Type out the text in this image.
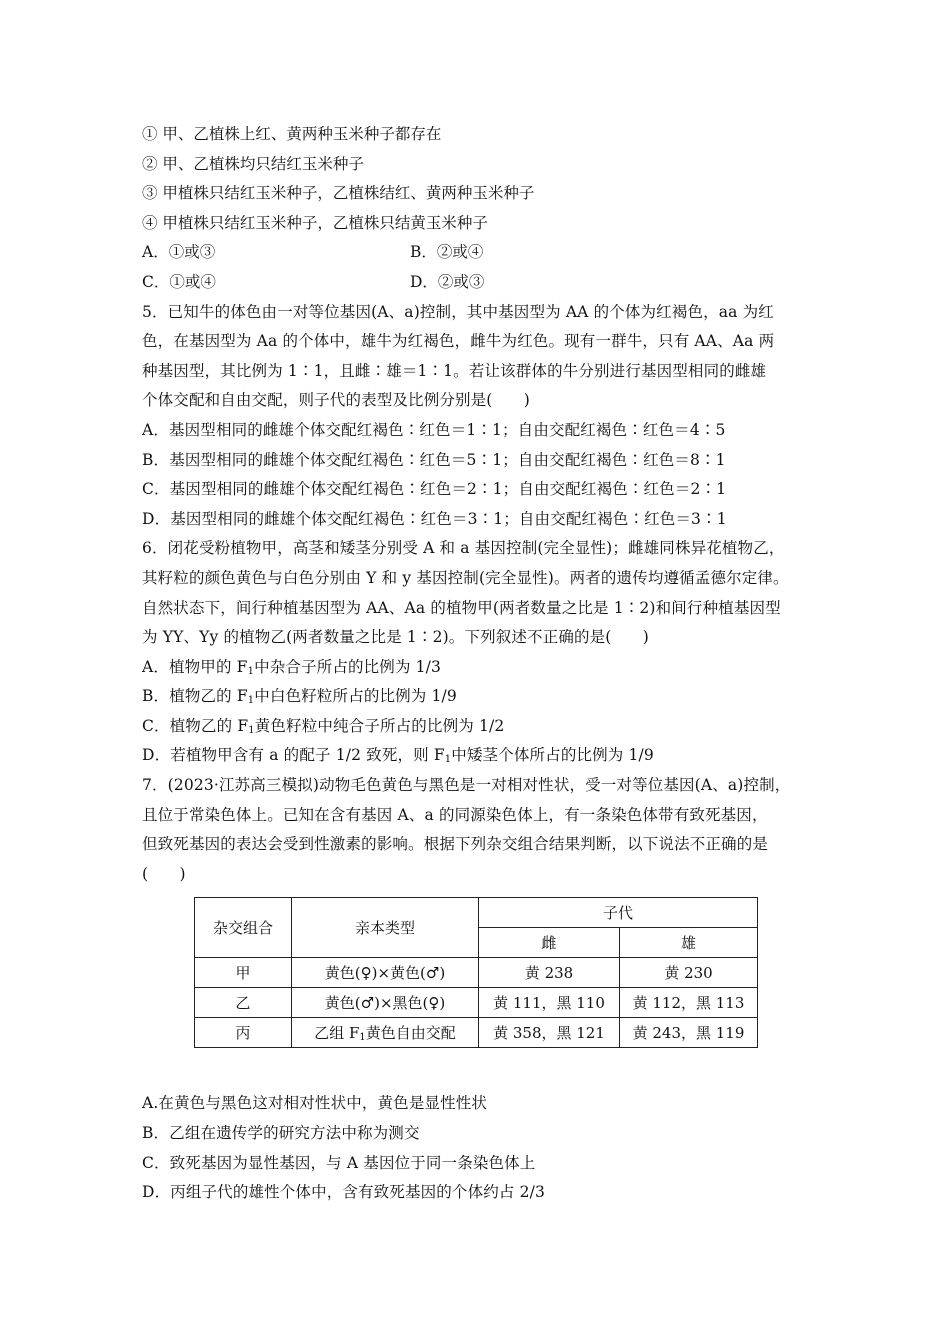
① 甲、乙植株上红、黄两种玉米种子都存在
② 甲、乙植株均只结红玉米种子
③ 甲植株只结红玉米种子，乙植株结红、黄两种玉米种子
④ 甲植株只结红玉米种子，乙植株只结黄玉米种子
A．①或③	B．②或④
C．①或④	D．②或③
5．已知牛的体色由一对等位基因(A、a)控制，其中基因型为 AA 的个体为红褐色，aa 为红
色，在基因型为 Aa 的个体中，雄牛为红褐色，雌牛为红色。现有一群牛，只有 AA、Aa 两
种基因型，其比例为 1∶1，且雌∶雄＝1∶1。若让该群体的牛分别进行基因型相同的雌雄
个体交配和自由交配，则子代的表型及比例分别是(　　)
A．基因型相同的雌雄个体交配红褐色∶红色＝1∶1；自由交配红褐色∶红色＝4∶5
B．基因型相同的雌雄个体交配红褐色∶红色＝5∶1；自由交配红褐色∶红色＝8∶1
C．基因型相同的雌雄个体交配红褐色∶红色＝2∶1；自由交配红褐色∶红色＝2∶1
D．基因型相同的雌雄个体交配红褐色∶红色＝3∶1；自由交配红褐色∶红色＝3∶1
6．闭花受粉植物甲，高茎和矮茎分别受 A 和 a 基因控制(完全显性)；雌雄同株异花植物乙，
其籽粒的颜色黄色与白色分别由 Y 和 y 基因控制(完全显性)。两者的遗传均遵循孟德尔定律。
自然状态下，间行种植基因型为 AA、Aa 的植物甲(两者数量之比是 1∶2)和间行种植基因型
为 YY、Yy 的植物乙(两者数量之比是 1∶2)。下列叙述不正确的是(　　)
A．植物甲的 $F_1$中杂合子所占的比例为 1/3
B．植物乙的 $F_1$中白色籽粒所占的比例为 1/9
C．植物乙的 $F_1$黄色籽粒中纯合子所占的比例为 1/2
D．若植物甲含有 a 的配子 1/2 致死，则 $F_1$中矮茎个体所占的比例为 1/9
7．(2023·江苏高三模拟)动物毛色黄色与黑色是一对相对性状，受一对等位基因(A、a)控制，
且位于常染色体上。已知在含有基因 A、a 的同源染色体上，有一条染色体带有致死基因，
但致死基因的表达会受到性激素的影响。根据下列杂交组合结果判断，以下说法不正确的是
(　　)
杂交组合	亲本类型	子代	
		雌	雄
甲	黄色(♀)×黄色(♂)	黄 238	黄 230
乙	黄色(♂)×黑色(♀)	黄 111，黑 110	黄 112，黑 113
丙	乙组 $F_1$黄色自由交配	黄 358，黑 121	黄 243，黑 119
A.在黄色与黑色这对相对性状中，黄色是显性性状
B．乙组在遗传学的研究方法中称为测交
C．致死基因为显性基因，与 A 基因位于同一条染色体上
D．丙组子代的雄性个体中，含有致死基因的个体约占 2/3
